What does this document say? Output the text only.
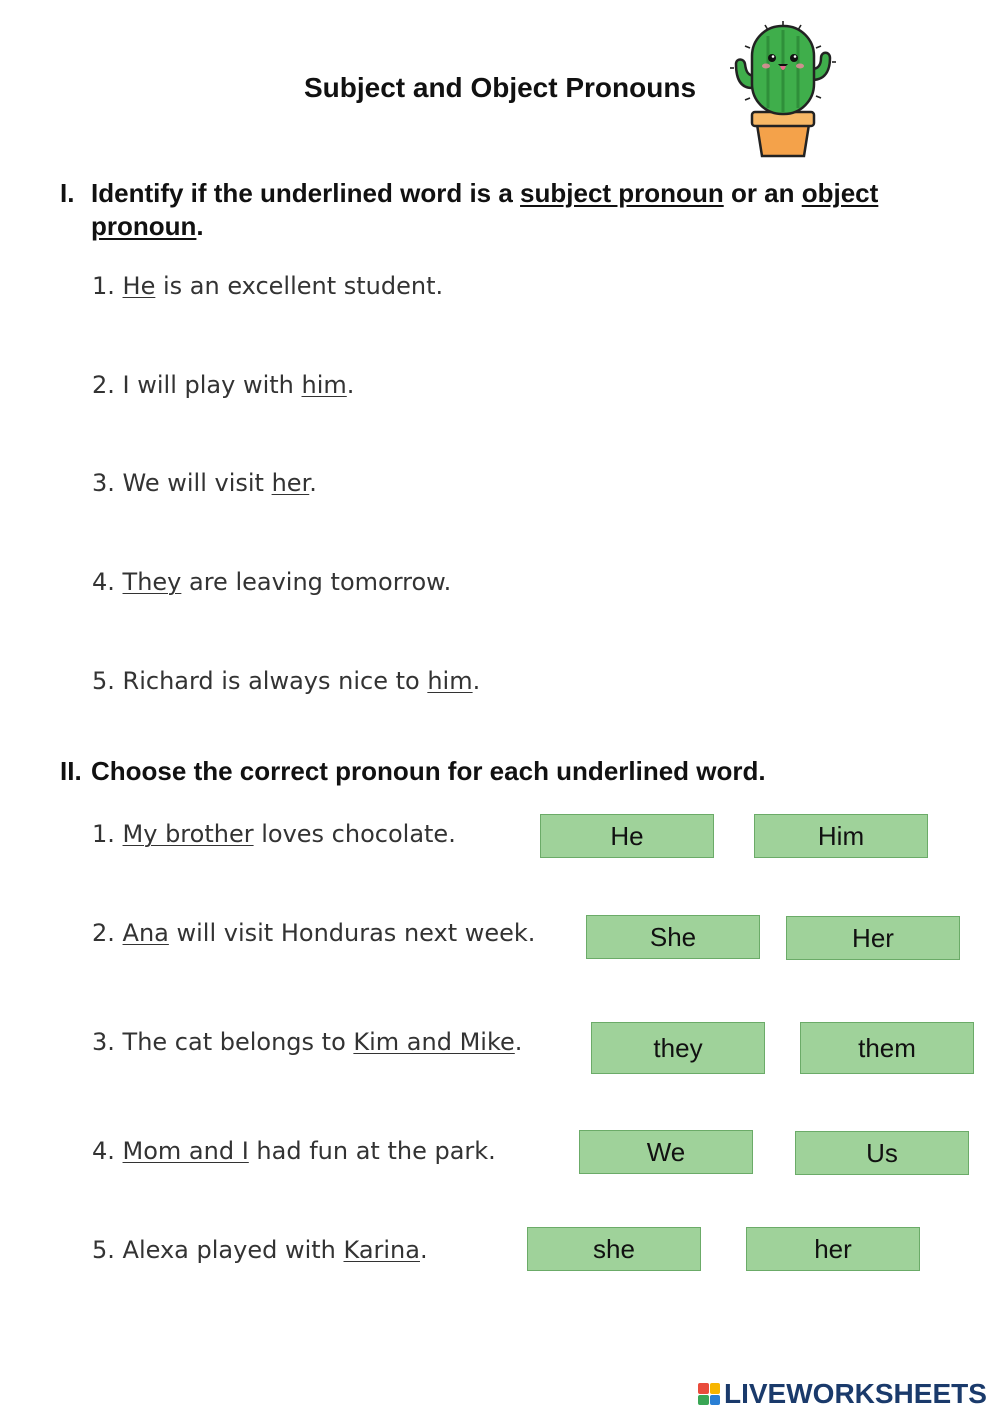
Subject and Object Pronouns
I. Identify if the underlined word is a subject pronoun or an object
pronoun.
1. He is an excellent student.
2. I will play with him.
3. We will visit her.
4. They are leaving tomorrow.
5. Richard is always nice to him.
II. Choose the correct pronoun for each underlined word.
1. My brother loves chocolate.	He	Him
2. Ana will visit Honduras next week.	She	Her
3. The cat belongs to Kim and Mike.	they	them
4. Mom and I had fun at the park.	We	Us
5. Alexa played with Karina.	she	her
LIVEWORKSHEETS
